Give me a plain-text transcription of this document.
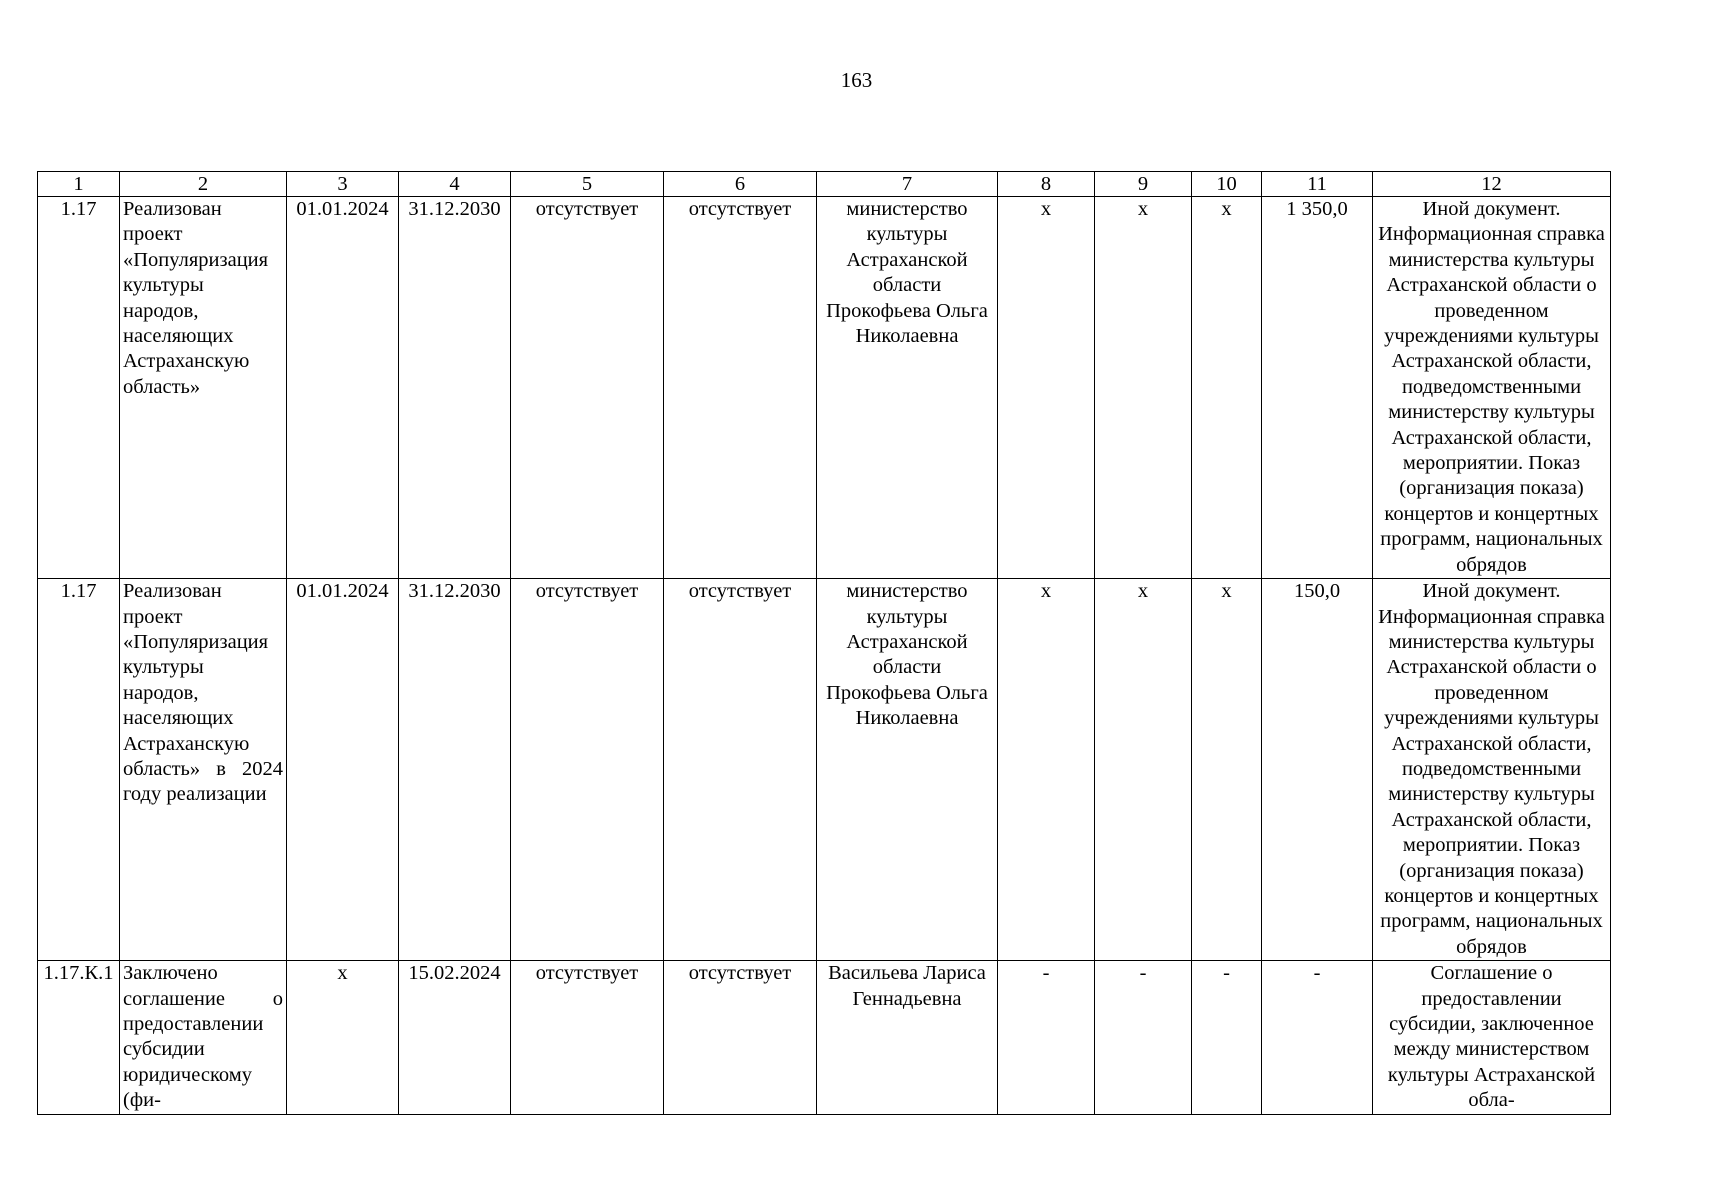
163
1	2	3	4	5	6	7	8	9	10	11	12
1.17	Реализован проект «Популяризация культуры народов, населяющих Астраханскую область»	01.01.2024	31.12.2030	отсутствует	отсутствует	министерство культуры Астраханской области Прокофьева Ольга Николаевна	x	x	x	1 350,0	Иной документ. Информационная справка министерства культуры Астраханской области о проведенном учреждениями культуры Астраханской области, подведомственными министерству культуры Астраханской области, мероприятии. Показ (организация показа) концертов и концертных программ, национальных обрядов
1.17	Реализован проект «Популяризация культуры народов, населяющих Астраханскую область» в 2024 году реализации	01.01.2024	31.12.2030	отсутствует	отсутствует	министерство культуры Астраханской области Прокофьева Ольга Николаевна	x	x	x	150,0	Иной документ. Информационная справка министерства культуры Астраханской области о проведенном учреждениями культуры Астраханской области, подведомственными министерству культуры Астраханской области, мероприятии. Показ (организация показа) концертов и концертных программ, национальных обрядов
1.17.К.1	Заключено соглашение о предоставлении субсидии юридическому (фи-	x	15.02.2024	отсутствует	отсутствует	Васильева Лариса Геннадьевна	-	-	-	-	Соглашение о предоставлении субсидии, заключенное между министерством культуры Астраханской обла-
